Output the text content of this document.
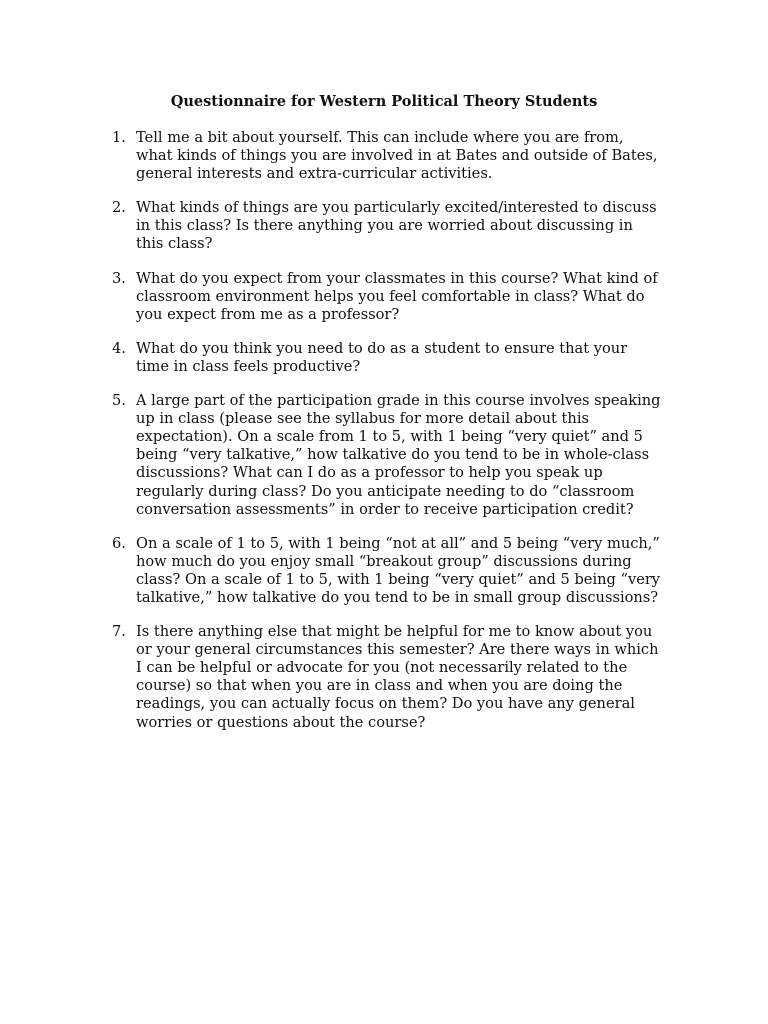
Questionnaire for Western Political Theory Students
1. Tell me a bit about yourself. This can include where you are from,
what kinds of things you are involved in at Bates and outside of Bates,
general interests and extra-curricular activities.
2. What kinds of things are you particularly excited/interested to discuss
in this class? Is there anything you are worried about discussing in
this class?
3. What do you expect from your classmates in this course? What kind of
classroom environment helps you feel comfortable in class? What do
you expect from me as a professor?
4. What do you think you need to do as a student to ensure that your
time in class feels productive?
5. A large part of the participation grade in this course involves speaking
up in class (please see the syllabus for more detail about this
expectation). On a scale from 1 to 5, with 1 being “very quiet” and 5
being “very talkative,” how talkative do you tend to be in whole-class
discussions? What can I do as a professor to help you speak up
regularly during class? Do you anticipate needing to do “classroom
conversation assessments” in order to receive participation credit?
6. On a scale of 1 to 5, with 1 being “not at all” and 5 being “very much,”
how much do you enjoy small “breakout group” discussions during
class? On a scale of 1 to 5, with 1 being “very quiet” and 5 being “very
talkative,” how talkative do you tend to be in small group discussions?
7. Is there anything else that might be helpful for me to know about you
or your general circumstances this semester? Are there ways in which
I can be helpful or advocate for you (not necessarily related to the
course) so that when you are in class and when you are doing the
readings, you can actually focus on them? Do you have any general
worries or questions about the course?
